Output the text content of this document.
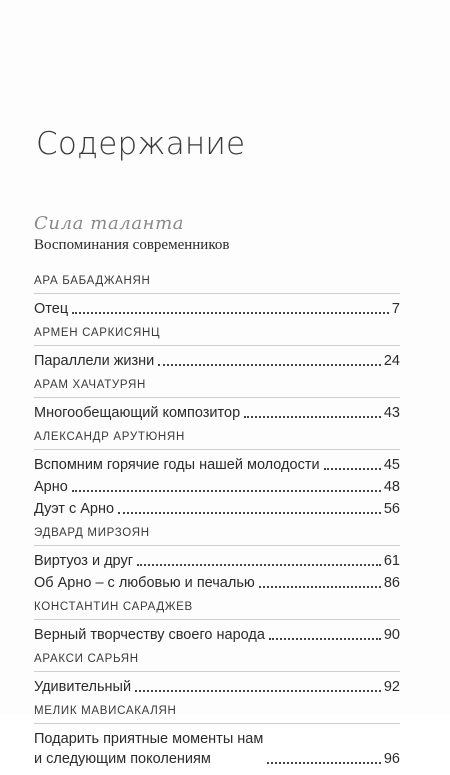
Содержание
Сила таланта
Воспоминания современников
АРА БАБАДЖАНЯН
Отец	7
АРМЕН САРКИСЯНЦ
Параллели жизни	24
АРАМ ХАЧАТУРЯН
Многообещающий композитор	43
АЛЕКСАНДР АРУТЮНЯН
Вспомним горячие годы нашей молодости	45
Арно	48
Дуэт с Арно	56
ЭДВАРД МИРЗОЯН
Виртуоз и друг	61
Об Арно – с любовью и печалью	86
КОНСТАНТИН САРАДЖЕВ
Верный творчеству своего народа	90
АРАКСИ САРЬЯН
Удивительный	92
МЕЛИК МАВИСАКАЛЯН
Подарить приятные моменты нам
и следующим поколениям	96
